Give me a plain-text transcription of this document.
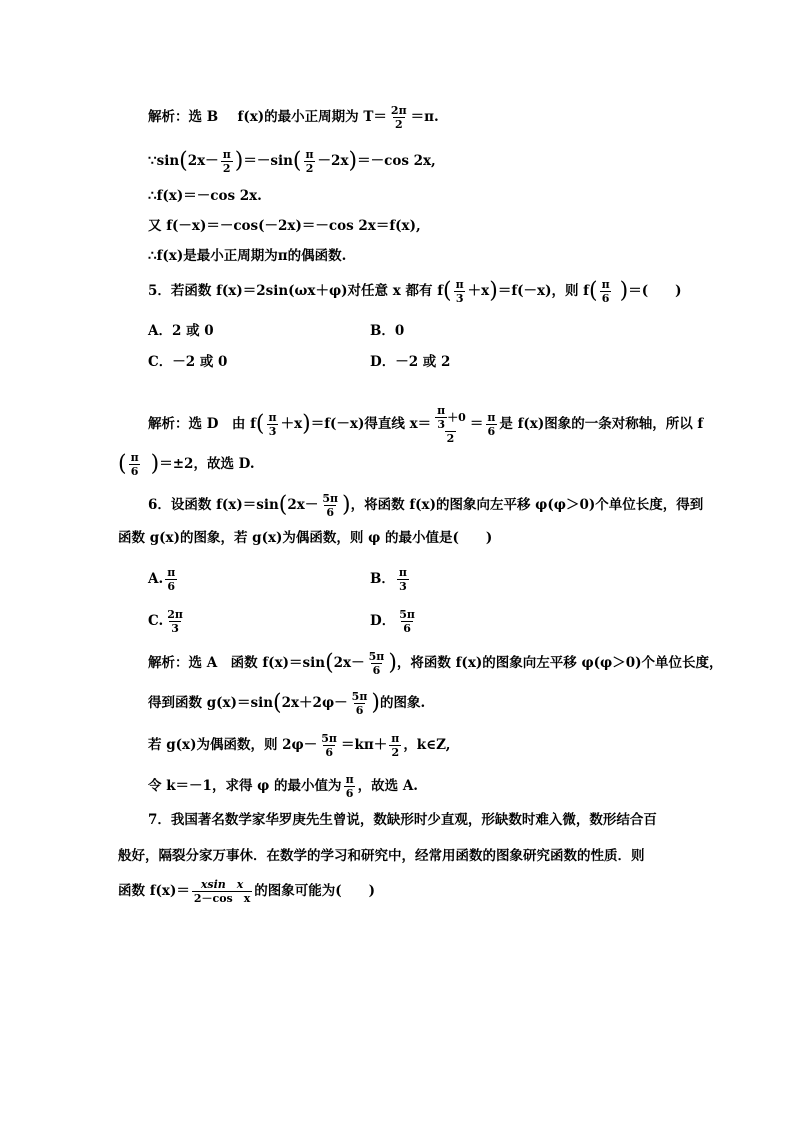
解析：选 B f(x)的最小正周期为 $T= \frac{2\pi}{2} =\pi$.
∵sin(2x－ $\frac{\pi}{2} )=-\sin( \frac{\pi}{2} -2x)=-\cos$ 2x,
∴f(x)＝－cos 2x.
又 f(－x)＝－cos(－2x)＝－cos 2x＝f(x),
∴f(x)是最小正周期为π的偶函数.
5．若函数 f(x)＝2sin(ωx＋φ)对任意 x 都有 $f( \frac{\pi}{3} +x)=f(-x)$，则 $f( \frac{\pi}{6}$ )＝(　　)
A．2 或 0	B．0
C．－2 或 0	D．－2 或 2
解析：选 D　由 $f( \frac{\pi}{3} +x)=f(-x)$得直线 $x= \frac{\frac{\pi}{3} +0}{2} = \frac{\pi}{6}$ 是 f(x)图象的一条对称轴，所以 f
( $\frac{\pi}{6} )=\pm 2$，故选 D.
6．设函数 $f(x)=\sin(2x- \frac{5\pi}{6}$ )，将函数 f(x)的图象向左平移 φ(φ＞0)个单位长度，得到
函数 g(x)的图象，若 g(x)为偶函数，则 φ 的最小值是(　　)
A. $\frac{\pi}{6}$	B． $\frac{\pi}{3}$
C. $\frac{2\pi}{3}$	D． $\frac{5\pi}{6}$
解析：选 A　函数 $f(x)=\sin(2x- \frac{5\pi}{6}$ )，将函数 f(x)的图象向左平移 φ(φ＞0)个单位长度，
得到函数 $g(x)=\sin(2x+2\varphi- \frac{5\pi}{6}$ )的图象.
若 g(x)为偶函数，则 $2\varphi- \frac{5\pi}{6} =k\pi+ \frac{\pi}{2}$ ，k∈Z,
令 k＝－1，求得 φ 的最小值为 $\frac{\pi}{6}$ ，故选 A.
7．我国著名数学家华罗庚先生曾说，数缺形时少直观，形缺数时难入微，数形结合百
般好，隔裂分家万事休．在数学的学习和研究中，经常用函数的图象研究函数的性质．则
函数 $f(x)= \frac{\text{xsin　x}}{\text{2－cos　x}}$ 的图象可能为(　　)
